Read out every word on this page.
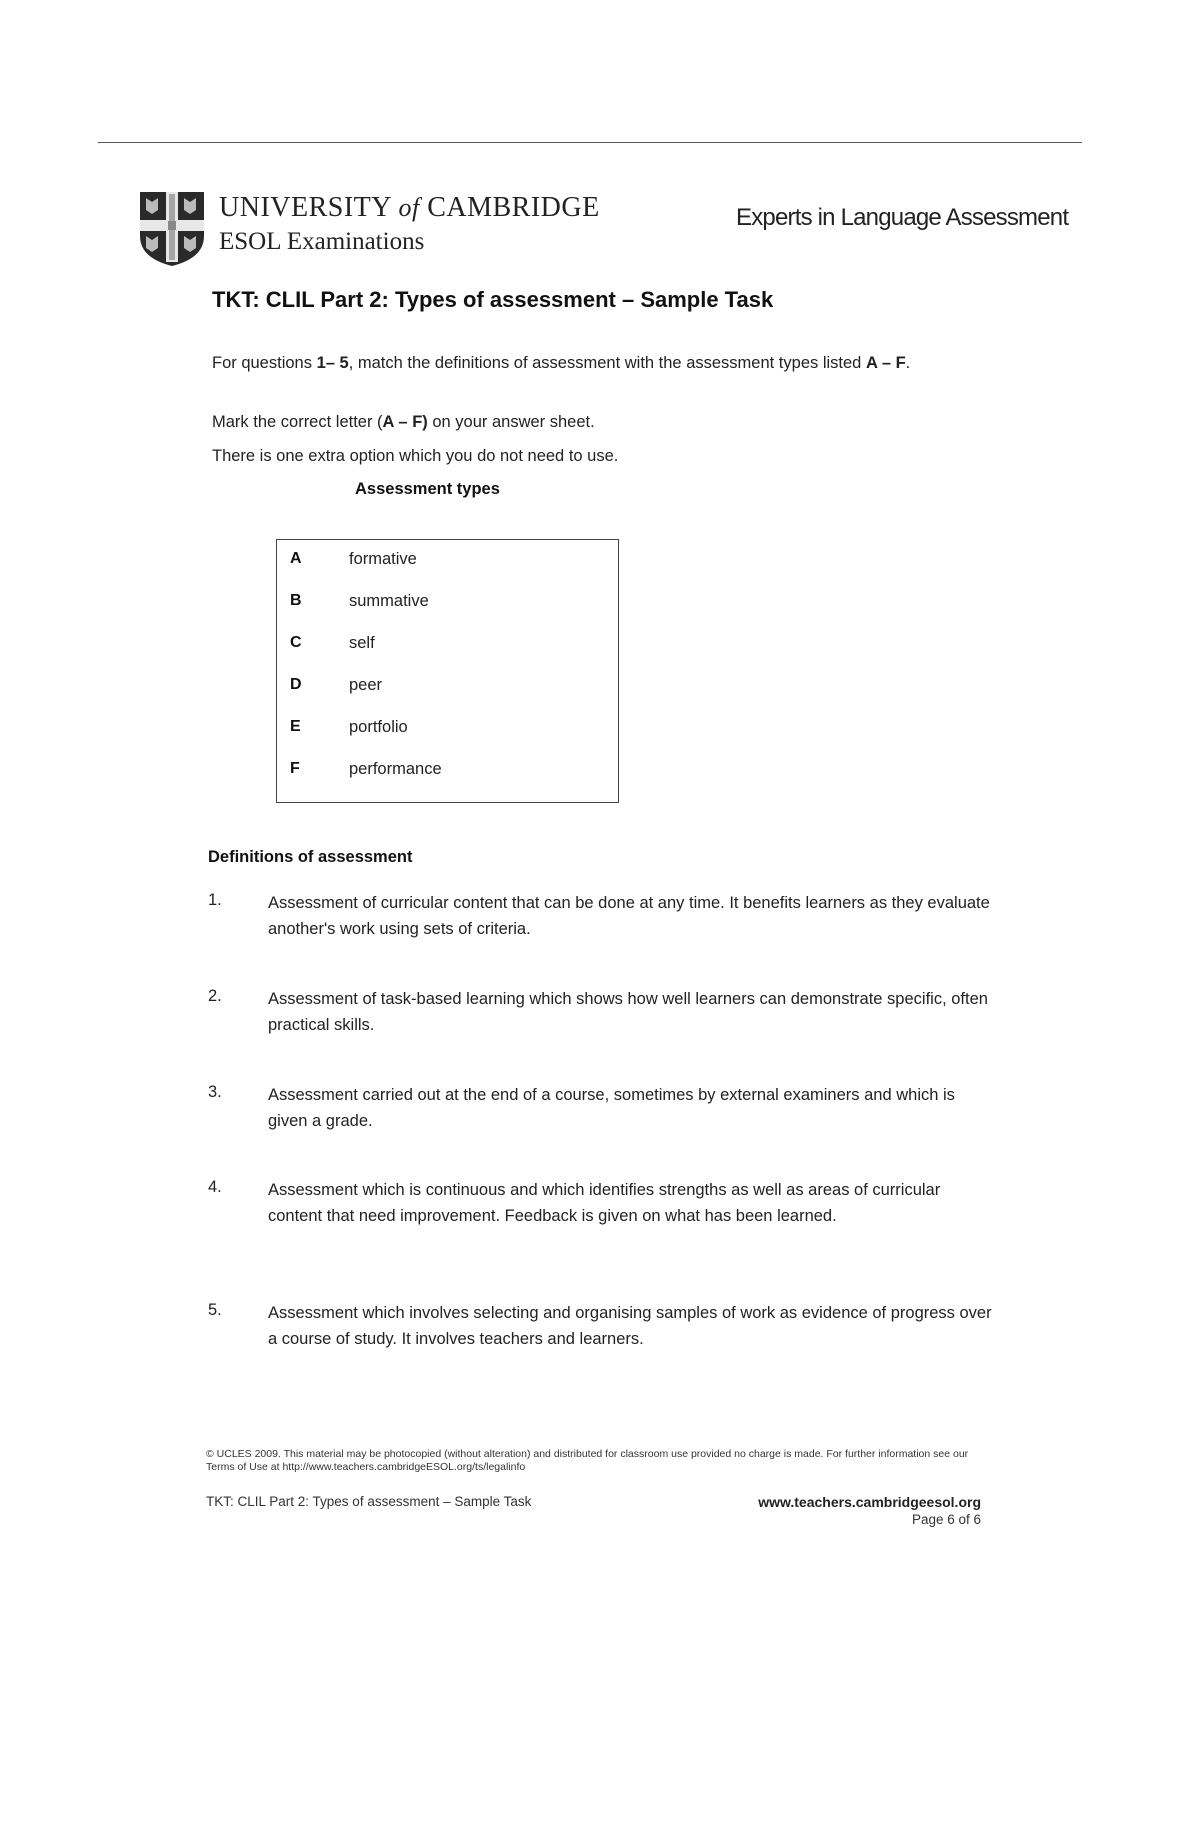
UNIVERSITY of CAMBRIDGE
ESOL Examinations
Experts in Language Assessment
TKT: CLIL Part 2: Types of assessment – Sample Task
For questions 1– 5, match the definitions of assessment with the assessment types listed A – F.
Mark the correct letter (A – F) on your answer sheet.
There is one extra option which you do not need to use.
Assessment types
A	formative
B	summative
C	self
D	peer
E	portfolio
F	performance
Definitions of assessment
1.	Assessment of curricular content that can be done at any time. It benefits learners as they evaluate another's work using sets of criteria.
2.	Assessment of task-based learning which shows how well learners can demonstrate specific, often practical skills.
3.	Assessment carried out at the end of a course, sometimes by external examiners and which is given a grade.
4.	Assessment which is continuous and which identifies strengths as well as areas of curricular content that need improvement. Feedback is given on what has been learned.
5.	Assessment which involves selecting and organising samples of work as evidence of progress over a course of study. It involves teachers and learners.
© UCLES 2009. This material may be photocopied (without alteration) and distributed for classroom use provided no charge is made. For further information see our Terms of Use at http://www.teachers.cambridgeESOL.org/ts/legalinfo
TKT: CLIL Part 2: Types of assessment – Sample Task	www.teachers.cambridgeesol.org
Page 6 of 6
